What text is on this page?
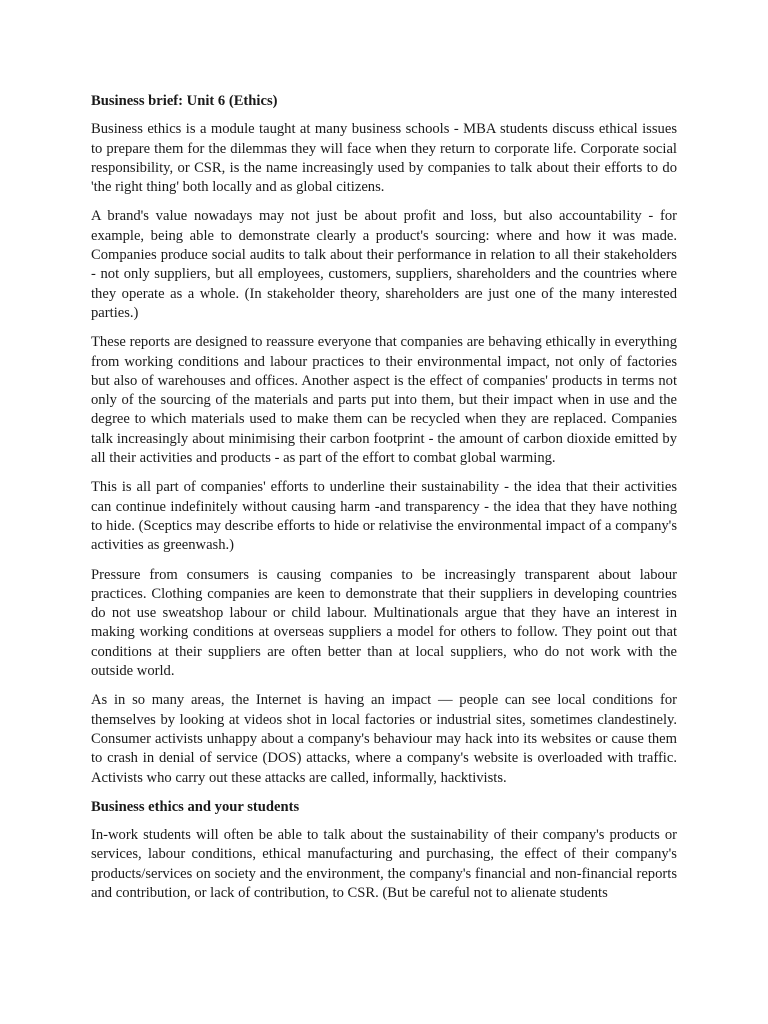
Business brief: Unit 6 (Ethics)

Business ethics is a module taught at many business schools - MBA students discuss ethical issues to prepare them for the dilemmas they will face when they return to corporate life. Corporate social responsibility, or CSR, is the name increasingly used by companies to talk about their efforts to do 'the right thing' both locally and as global citizens.

A brand's value nowadays may not just be about profit and loss, but also accountability - for example, being able to demonstrate clearly a product's sourcing: where and how it was made. Companies produce social audits to talk about their performance in relation to all their stakeholders - not only suppliers, but all employees, customers, suppliers, shareholders and the countries where they operate as a whole. (In stakeholder theory, shareholders are just one of the many interested parties.)

These reports are designed to reassure everyone that companies are behaving ethically in everything from working conditions and labour practices to their environmental impact, not only of factories but also of warehouses and offices. Another aspect is the effect of companies' products in terms not only of the sourcing of the materials and parts put into them, but their impact when in use and the degree to which materials used to make them can be recycled when they are replaced. Companies talk increasingly about minimising their carbon footprint - the amount of carbon dioxide emitted by all their activities and products - as part of the effort to combat global warming.

This is all part of companies' efforts to underline their sustainability - the idea that their activities can continue indefinitely without causing harm -and transparency - the idea that they have nothing to hide. (Sceptics may describe efforts to hide or relativise the environmental impact of a company's activities as greenwash.)

Pressure from consumers is causing companies to be increasingly transparent about labour practices. Clothing companies are keen to demonstrate that their suppliers in developing countries do not use sweatshop labour or child labour. Multinationals argue that they have an interest in making working conditions at overseas suppliers a model for others to follow. They point out that conditions at their suppliers are often better than at local suppliers, who do not work with the outside world.

As in so many areas, the Internet is having an impact — people can see local conditions for themselves by looking at videos shot in local factories or industrial sites, sometimes clandestinely. Consumer activists unhappy about a company's behaviour may hack into its websites or cause them to crash in denial of service (DOS) attacks, where a company's website is overloaded with traffic. Activists who carry out these attacks are called, informally, hacktivists.

Business ethics and your students

In-work students will often be able to talk about the sustainability of their company's products or services, labour conditions, ethical manufacturing and purchasing, the effect of their company's products/services on society and the environment, the company's financial and non-financial reports and contribution, or lack of contribution, to CSR. (But be careful not to alienate students
